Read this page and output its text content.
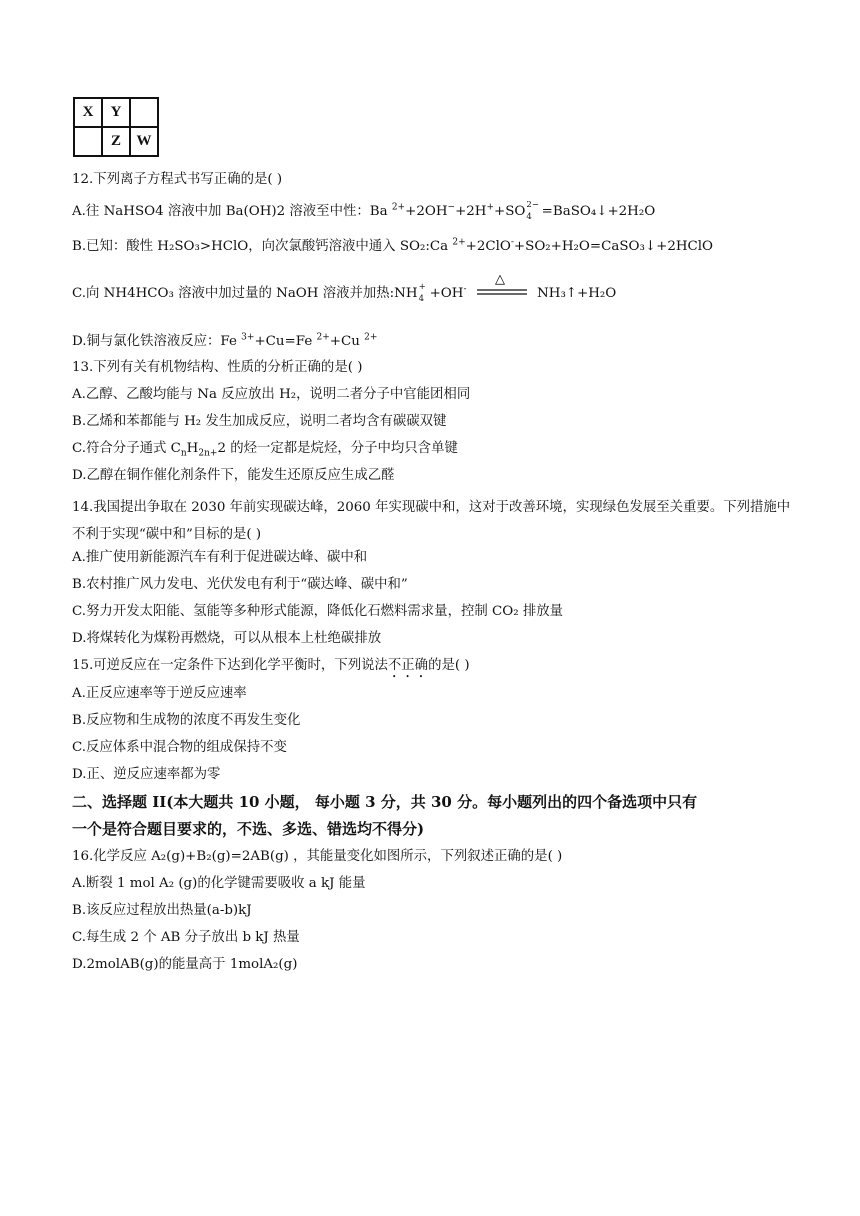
X	Y	
	Z	W
12.下列离子方程式书写正确的是( )
A.往 NaHSO4 溶液中加 Ba(OH)2 溶液至中性：Ba $^{2+}$+2OH−+2H++SO 2−
4 =BaSO₄↓+2H₂O
B.已知：酸性 H₂SO₃>HClO，向次氯酸钙溶液中通入 SO₂:Ca $^{2+}$+2ClO-+SO₂+H₂O=CaSO₃↓+2HClO
C.向 NH4HCO₃ 溶液中加过量的 NaOH 溶液并加热:NH +
4 +OH-
△
NH₃↑+H₂O
D.铜与氯化铁溶液反应：Fe $^{3+}$+Cu=Fe $^{2+}$+Cu $^{2+}$
13.下列有关有机物结构、性质的分析正确的是( )
A.乙醇、乙酸均能与 Na 反应放出 H₂，说明二者分子中官能团相同
B.乙烯和苯都能与 H₂ 发生加成反应，说明二者均含有碳碳双键
C.符合分子通式 $C_nH_{2n+}2$ 的烃一定都是烷烃，分子中均只含单键
D.乙醇在铜作催化剂条件下，能发生还原反应生成乙醛
14.我国提出争取在 2030 年前实现碳达峰，2060 年实现碳中和，这对于改善环境，实现绿色发展至关重要。下列措施中不利于实现“碳中和”目标的是( )
A.推广使用新能源汽车有利于促进碳达峰、碳中和
B.农村推广风力发电、光伏发电有利于“碳达峰、碳中和”
C.努力开发太阳能、氢能等多种形式能源，降低化石燃料需求量，控制 CO₂ 排放量
D.将煤转化为煤粉再燃烧，可以从根本上杜绝碳排放
15.可逆反应在一定条件下达到化学平衡时，下列说法不正确的是( )
A.正反应速率等于逆反应速率
B.反应物和生成物的浓度不再发生变化
C.反应体系中混合物的组成保持不变
D.正、逆反应速率都为零
二、选择题 II(本大题共 10 小题， 每小题 3 分，共 30 分。每小题列出的四个备选项中只有
一个是符合题目要求的，不选、多选、错选均不得分)
16.化学反应 A₂(g)+B₂(g)=2AB(g) ，其能量变化如图所示，下列叙述正确的是( )
A.断裂 1 mol A₂ (g)的化学键需要吸收 a kJ 能量
B.该反应过程放出热量(a-b)kJ
C.每生成 2 个 AB 分子放出 b kJ 热量
D.2molAB(g)的能量高于 1molA₂(g)
